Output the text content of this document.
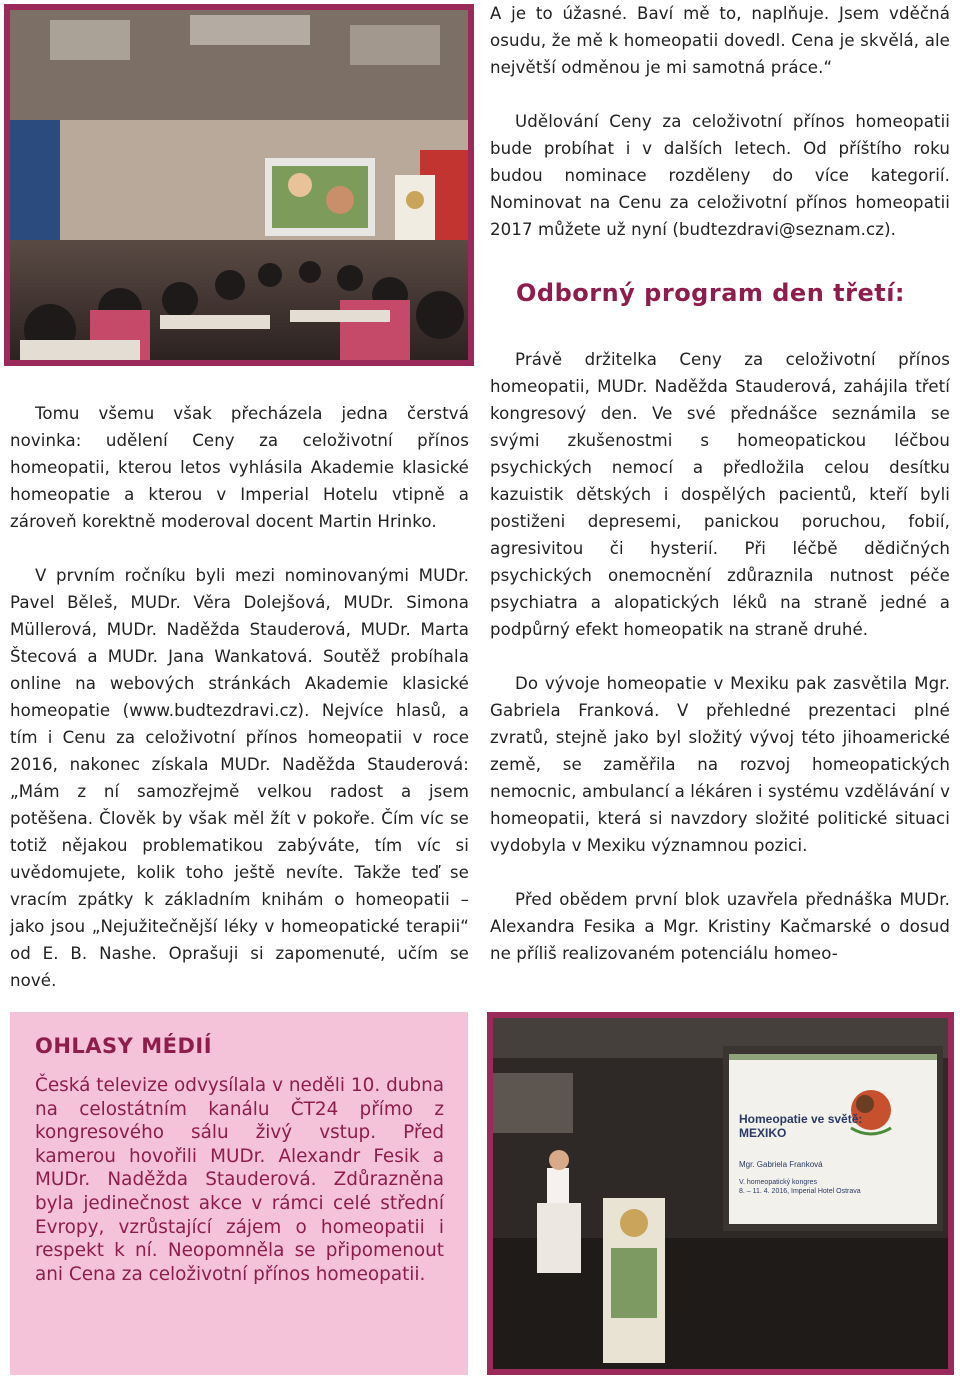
A je to úžasné. Baví mě to, naplňuje. Jsem vděčná osudu, že mě k homeopatii dovedl. Cena je skvělá, ale největší odměnou je mi samotná práce.“

Udělování Ceny za celoživotní přínos homeopatii bude probíhat i v dalších letech. Od příštího roku budou nominace rozděleny do více kategorií. Nominovat na Cenu za celoživotní přínos homeopatii 2017 můžete už nyní (budtezdravi@seznam.cz).

Odborný program den třetí:

Tomu všemu však přecházela jedna čerstvá novinka: udělení Ceny za celoživotní přínos homeopatii, kterou letos vyhlásila Akademie klasické homeopatie a kterou v Imperial Hotelu vtipně a zároveň korektně moderoval docent Martin Hrinko.

V prvním ročníku byli mezi nominovanými MUDr. Pavel Běleš, MUDr. Věra Dolejšová, MUDr. Simona Müllerová, MUDr. Naděžda Stauderová, MUDr. Marta Štecová a MUDr. Jana Wankatová. Soutěž probíhala online na webových stránkách Akademie klasické homeopatie (www.budtezdravi.cz). Nejvíce hlasů, a tím i Cenu za celoživotní přínos homeopatii v roce 2016, nakonec získala MUDr. Naděžda Stauderová: „Mám z ní samozřejmě velkou radost a jsem potěšena. Člověk by však měl žít v pokoře. Čím víc se totiž nějakou problematikou zabýváte, tím víc si uvědomujete, kolik toho ještě nevíte. Takže teď se vracím zpátky k základním knihám o homeopatii – jako jsou „Nejužitečnější léky v homeopatické terapii“ od E. B. Nashe. Oprašuji si zapomenuté, učím se nové.

Právě držitelka Ceny za celoživotní přínos homeopatii, MUDr. Naděžda Stauderová, zahájila třetí kongresový den. Ve své přednášce seznámila se svými zkušenostmi s homeopatickou léčbou psychických nemocí a předložila celou desítku kazuistik dětských i dospělých pacientů, kteří byli postiženi depresemi, panickou poruchou, fobií, agresivitou či hysterií. Při léčbě dědičných psychických onemocnění zdůraznila nutnost péče psychiatra a alopatických léků na straně jedné a podpůrný efekt homeopatik na straně druhé.

Do vývoje homeopatie v Mexiku pak zasvětila Mgr. Gabriela Franková. V přehledné prezentaci plné zvratů, stejně jako byl složitý vývoj této jihoamerické země, se zaměřila na rozvoj homeopatických nemocnic, ambulancí a lékáren i systému vzdělávání v homeopatii, která si navzdory složité politické situaci vydobyla v Mexiku významnou pozici.

Před obědem první blok uzavřela přednáška MUDr. Alexandra Fesika a Mgr. Kristiny Kačmarské o dosud ne příliš realizovaném potenciálu homeo-

OHLASY MÉDIÍ

Česká televize odvysílala v neděli 10. dubna na celostátním kanálu ČT24 přímo z kongresového sálu živý vstup. Před kamerou hovořili MUDr. Alexandr Fesik a MUDr. Naděžda Stauderová. Zdůrazněna byla jedinečnost akce v rámci celé střední Evropy, vzrůstající zájem o homeopatii i respekt k ní. Neopomněla se připomenout ani Cena za celoživotní přínos homeopatii.

Homeopatie ve světě:
MEXIKO
Mgr. Gabriela Franková
V. homeopatický kongres
8. – 11. 4. 2016, Imperial Hotel Ostrava
